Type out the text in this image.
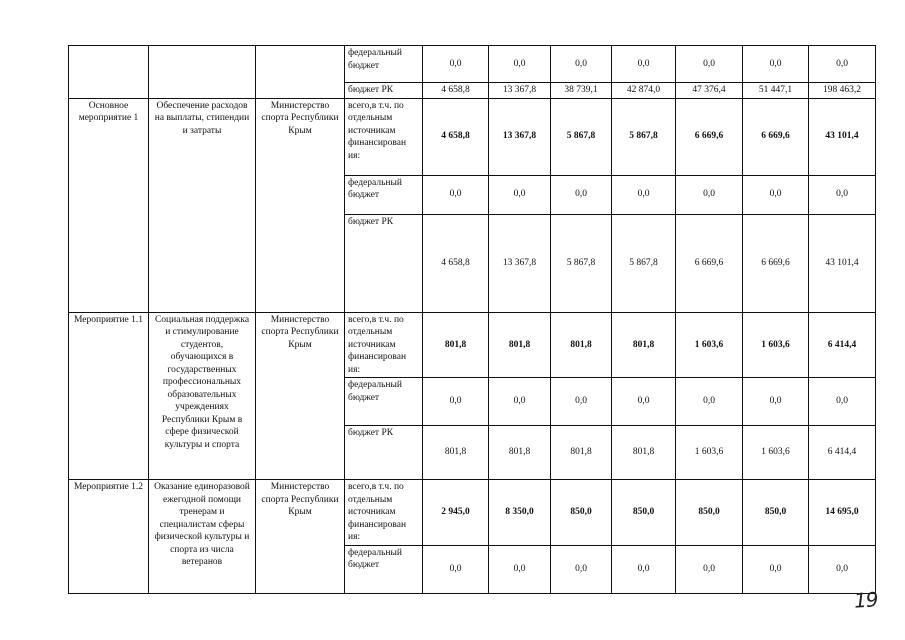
			федеральный бюджет	0,0	0,0	0,0	0,0	0,0	0,0	0,0
			бюджет РК	4 658,8	13 367,8	38 739,1	42 874,0	47 376,4	51 447,1	198 463,2
Основное мероприятие 1	Обеспечение расходов на выплаты, стипендии и затраты	Министерство спорта Республики Крым	всего,в т.ч. по отдельным источникам финансирован ия:	4 658,8	13 367,8	5 867,8	5 867,8	6 669,6	6 669,6	43 101,4
			федеральный бюджет	0,0	0,0	0,0	0,0	0,0	0,0	0,0
			бюджет РК	4 658,8	13 367,8	5 867,8	5 867,8	6 669,6	6 669,6	43 101,4
Мероприятие 1.1	Социальная поддержка и стимулирование студентов, обучающихся в государственных профессиональных образовательных учреждениях Республики Крым в сфере физической культуры и спорта	Министерство спорта Республики Крым	всего,в т.ч. по отдельным источникам финансирован ия:	801,8	801,8	801,8	801,8	1 603,6	1 603,6	6 414,4
			федеральный бюджет	0,0	0,0	0,0	0,0	0,0	0,0	0,0
			бюджет РК	801,8	801,8	801,8	801,8	1 603,6	1 603,6	6 414,4
Мероприятие 1.2	Оказание единоразовой ежегодной помощи тренерам и специалистам сферы физической культуры и спорта из числа ветеранов	Министерство спорта Республики Крым	всего,в т.ч. по отдельным источникам финансирован ия:	2 945,0	8 350,0	850,0	850,0	850,0	850,0	14 695,0
			федеральный бюджет	0,0	0,0	0,0	0,0	0,0	0,0	0,0
19
